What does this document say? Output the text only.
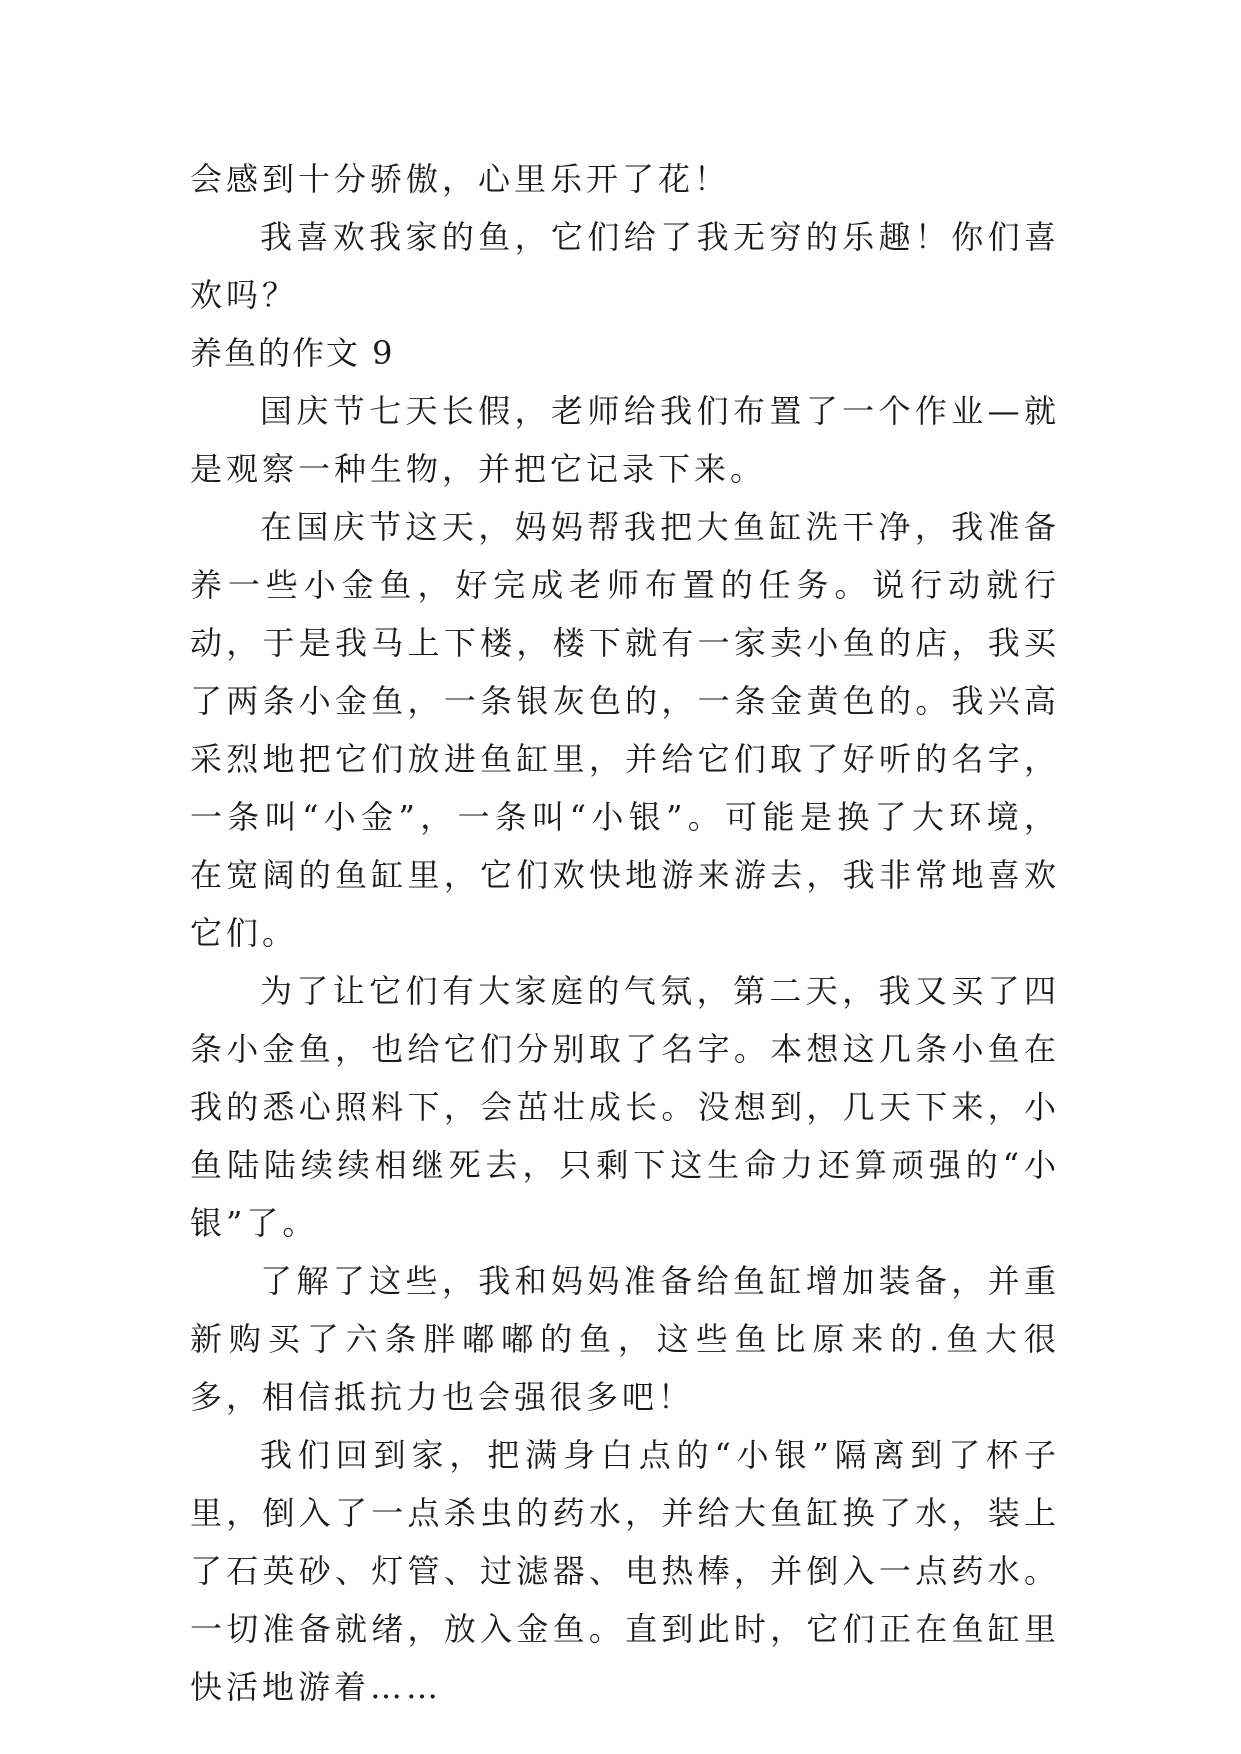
会感到十分骄傲，心里乐开了花！

我喜欢我家的鱼，它们给了我无穷的乐趣！你们喜欢吗？

养鱼的作文 9

国庆节七天长假，老师给我们布置了一个作业—就是观察一种生物，并把它记录下来。

在国庆节这天，妈妈帮我把大鱼缸洗干净，我准备养一些小金鱼，好完成老师布置的任务。说行动就行动，于是我马上下楼，楼下就有一家卖小鱼的店，我买了两条小金鱼，一条银灰色的，一条金黄色的。我兴高采烈地把它们放进鱼缸里，并给它们取了好听的名字，一条叫“小金”，一条叫“小银”。可能是换了大环境，在宽阔的鱼缸里，它们欢快地游来游去，我非常地喜欢它们。

为了让它们有大家庭的气氛，第二天，我又买了四条小金鱼，也给它们分别取了名字。本想这几条小鱼在我的悉心照料下，会茁壮成长。没想到，几天下来，小鱼陆陆续续相继死去，只剩下这生命力还算顽强的“小银”了。

了解了这些，我和妈妈准备给鱼缸增加装备，并重新购买了六条胖嘟嘟的鱼，这些鱼比原来的.鱼大很多，相信抵抗力也会强很多吧！

我们回到家，把满身白点的“小银”隔离到了杯子里，倒入了一点杀虫的药水，并给大鱼缸换了水，装上了石英砂、灯管、过滤器、电热棒，并倒入一点药水。一切准备就绪，放入金鱼。直到此时，它们正在鱼缸里快活地游着……
